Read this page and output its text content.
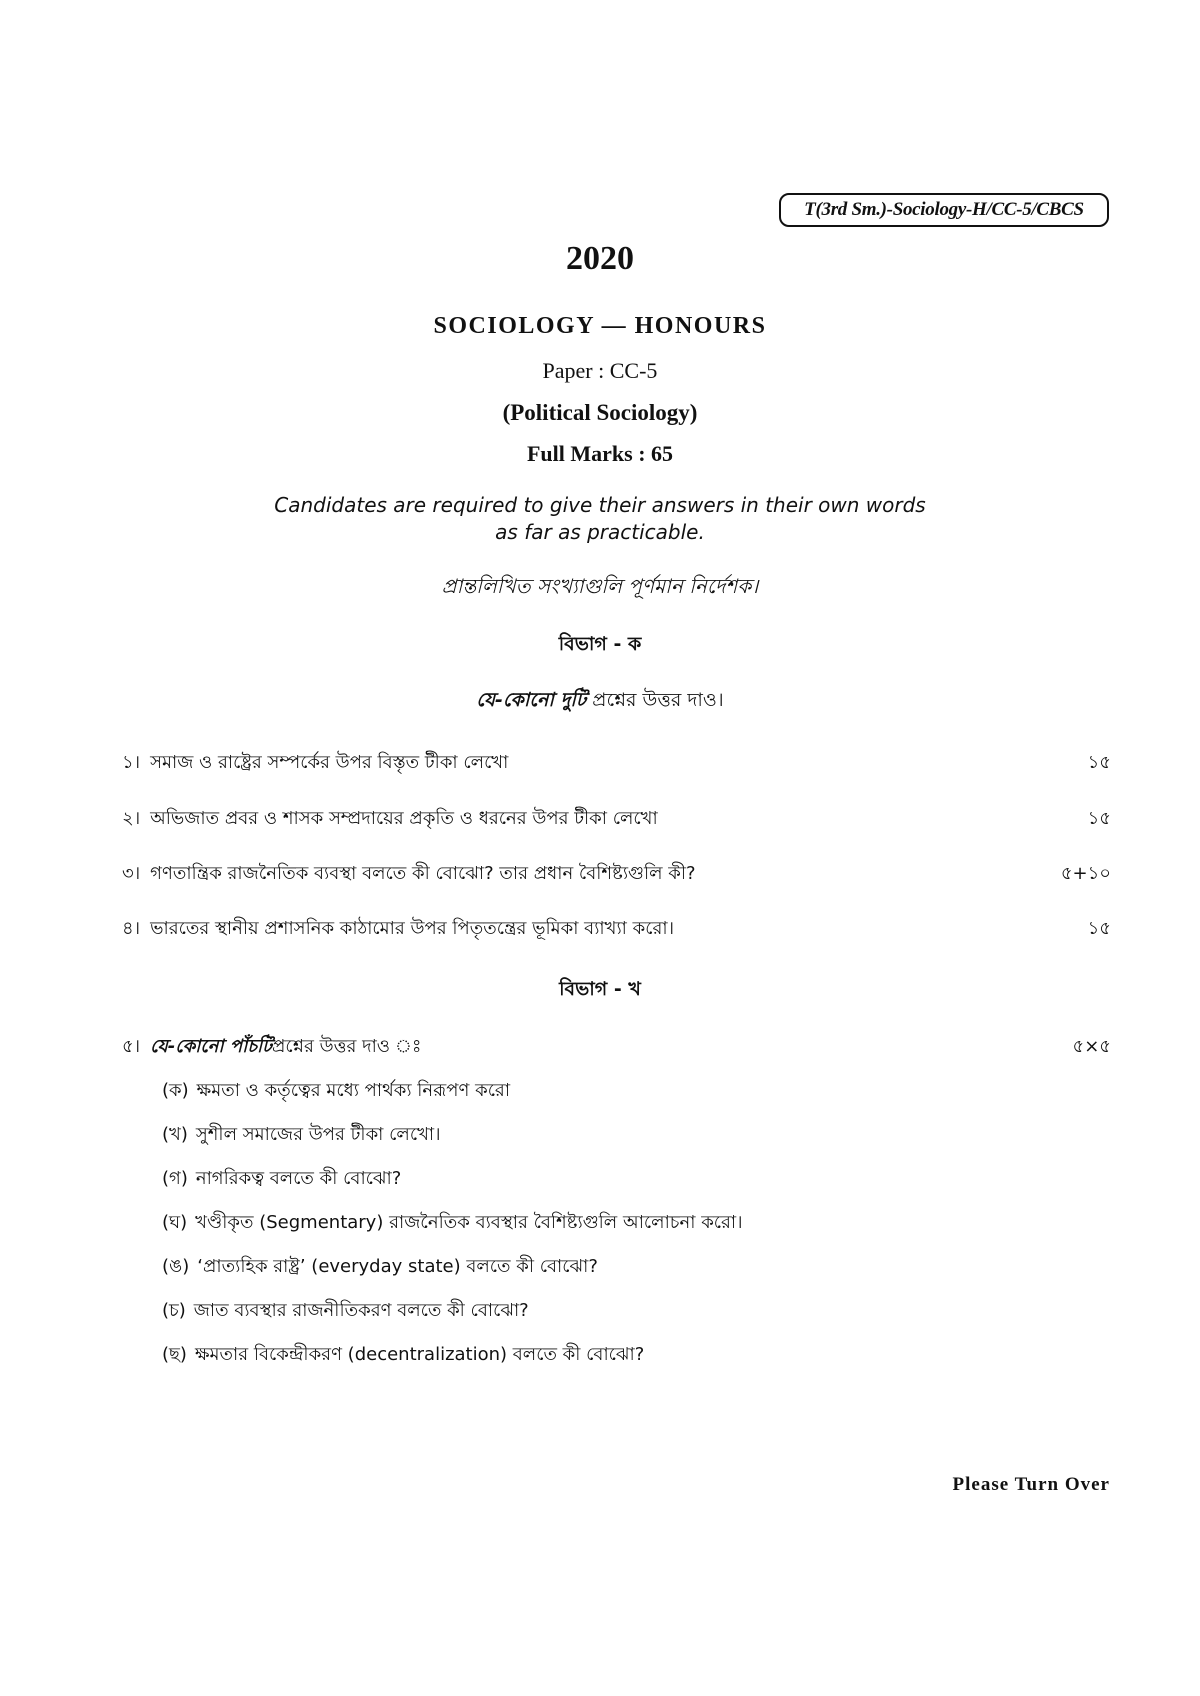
T(3rd Sm.)-Sociology-H/CC-5/CBCS
2020
SOCIOLOGY — HONOURS
Paper : CC-5
(Political Sociology)
Full Marks : 65
Candidates are required to give their answers in their own words
as far as practicable.
প্রান্তলিখিত সংখ্যাগুলি পূর্ণমান নির্দেশক।
বিভাগ - ক
যে-কোনো দুটি প্রশ্নের উত্তর দাও।
১। সমাজ ও রাষ্ট্রের সম্পর্কের উপর বিস্তৃত টীকা লেখো	১৫
২। অভিজাত প্রবর ও শাসক সম্প্রদায়ের প্রকৃতি ও ধরনের উপর টীকা লেখো	১৫
৩। গণতান্ত্রিক রাজনৈতিক ব্যবস্থা বলতে কী বোঝো? তার প্রধান বৈশিষ্ট্যগুলি কী?	৫+১০
৪। ভারতের স্থানীয় প্রশাসনিক কাঠামোর উপর পিতৃতন্ত্রের ভূমিকা ব্যাখ্যা করো।	১৫
বিভাগ - খ
৫। যে-কোনো পাঁচটি প্রশ্নের উত্তর দাও ঃ	৫×৫
(ক) ক্ষমতা ও কর্তৃত্বের মধ্যে পার্থক্য নিরূপণ করো
(খ) সুশীল সমাজের উপর টীকা লেখো।
(গ) নাগরিকত্ব বলতে কী বোঝো?
(ঘ) খণ্ডীকৃত (Segmentary) রাজনৈতিক ব্যবস্থার বৈশিষ্ট্যগুলি আলোচনা করো।
(ঙ) ‘প্রাত্যহিক রাষ্ট্র’ (everyday state) বলতে কী বোঝো?
(চ) জাত ব্যবস্থার রাজনীতিকরণ বলতে কী বোঝো?
(ছ) ক্ষমতার বিকেন্দ্রীকরণ (decentralization) বলতে কী বোঝো?
Please Turn Over
